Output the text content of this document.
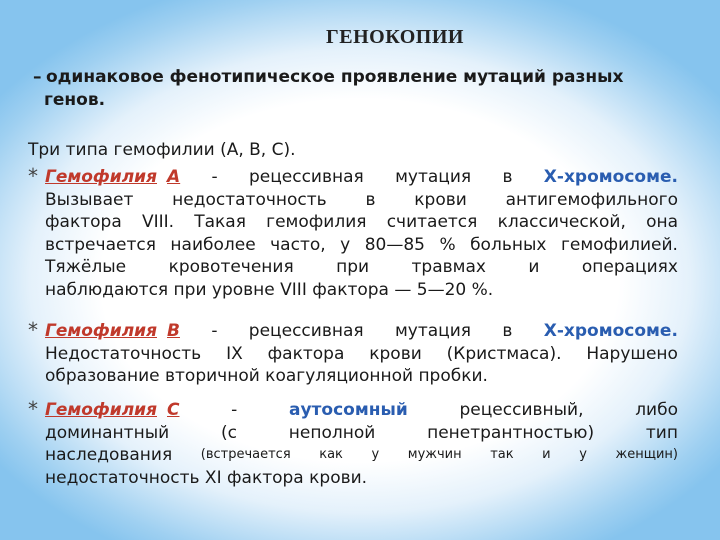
ГЕНОКОПИИ
– одинаковое фенотипическое проявление мутаций разных
генов.
Три типа гемофилии (А, В, С).
* Гемофилия А - рецессивная мутация в Х-хромосоме.
Вызывает недостаточность в крови антигемофильного
фактора VIII. Такая гемофилия считается классической, она
встречается наиболее часто, у 80—85 % больных гемофилией.
Тяжёлые кровотечения при травмах и операциях
наблюдаются при уровне VIII фактора — 5—20 %.
* Гемофилия В - рецессивная мутация в Х-хромосоме.
Недостаточность IX фактора крови (Кристмаса). Нарушено
образование вторичной коагуляционной пробки.
* Гемофилия С	-	аутосомный	рецессивный,	либо
доминантный	(с	неполной	пенетрантностью)	тип
наследования (встречается как у мужчин так и у женщин)
недостаточность XI фактора крови.
